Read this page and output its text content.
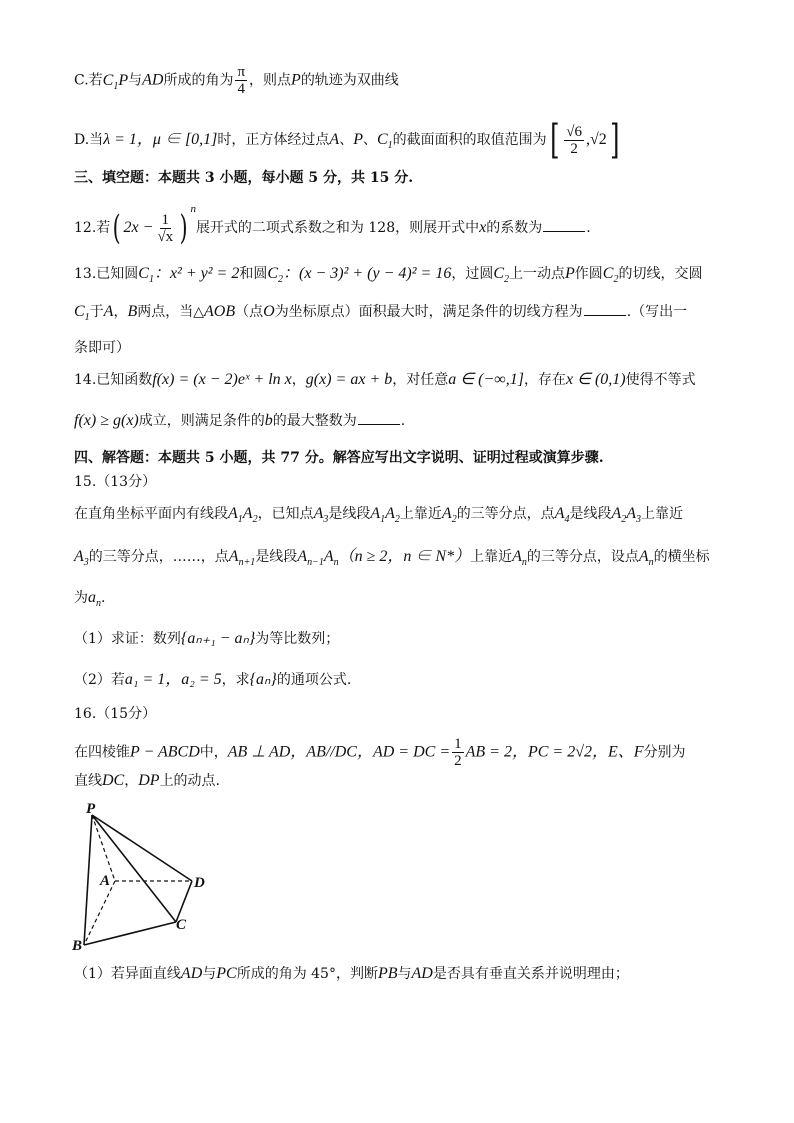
C.若$C_1P$与AD所成的角为 $\frac{\pi}{4}$ ，则点P的轨迹为双曲线
D.当λ = 1，μ ∈ [0,1]时，正方体经过点A、P、$C_1$的截面面积的取值范围为[ $\frac{√6}{2} ,√2$]
三、填空题：本题共 3 小题，每小题 5 分，共 15 分.
12.若( $2x - \frac{1}{√x}$ ) $^n$展开式的二项式系数之和为 128，则展开式中x的系数为	.
13.已知圆$C_1$：x² + y² = 2和圆$C_2$：(x − 3)² + (y − 4)² = 16，过圆$C_2$上一动点P作圆$C_2$的切线，交圆
$C_1$于A，B两点，当△AOB（点O为坐标原点）面积最大时，满足条件的切线方程为	.（写出一
条即可）
14.已知函数f(x) = (x − 2)eˣ + ln x，g(x) = ax + b，对任意a ∈ (−∞,1]，存在x ∈ (0,1)使得不等式
f(x) ≥ g(x)成立，则满足条件的b的最大整数为	.
四、解答题：本题共 5 小题，共 77 分。解答应写出文字说明、证明过程或演算步骤.
15.（13分）
在直角坐标平面内有线段$A_1A_2$，已知点$A_3$是线段$A_1A_2$上靠近$A_2$的三等分点，点$A_4$是线段$A_2A_3$上靠近
$A_3$的三等分点，……，点$A_{n+1}$是线段$A_{n-1}A_n(n \ge 2$，n ∈ N*）上靠近$A_n$的三等分点，设点$A_n$的横坐标
为$a_n$.
（1）求证：数列{aₙ₊₁ − aₙ}为等比数列；
（2）若a₁ = 1，a₂ = 5，求{aₙ}的通项公式.
16.（15分）
在四棱锥P − ABCD中，AB ⊥ AD，AB//DC，AD = DC = $\frac{1}{2}$ AB = 2，PC = 2√2，E、F分别为
直线DC，DP上的动点.
P
A	D
C
B
（1）若异面直线AD与PC所成的角为 45°，判断PB与AD是否具有垂直关系并说明理由；
